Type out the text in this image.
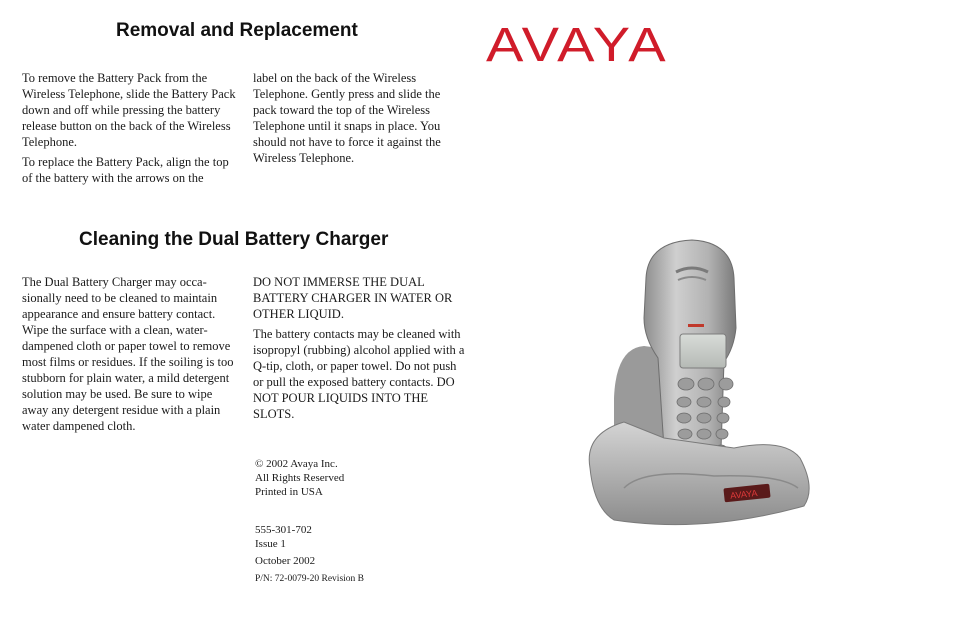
Removal and Replacement

To remove the Battery Pack from the Wireless Telephone, slide the Battery Pack down and off while pressing the battery release button on the back of the Wireless Telephone.

To replace the Battery Pack, align the top of the battery with the arrows on the

label on the back of the Wireless Telephone. Gently press and slide the pack toward the top of the Wireless Telephone until it snaps in place. You should not have to force it against the Wireless Telephone.

AVAYA
Cleaning the Dual Battery Charger

The Dual Battery Charger may occa-sionally need to be cleaned to maintain appearance and ensure battery contact. Wipe the surface with a clean, water-dampened cloth or paper towel to remove most films or residues. If the soiling is too stubborn for plain water, a mild detergent solution may be used. Be sure to wipe away any detergent residue with a plain water dampened cloth.

DO NOT IMMERSE THE DUAL BATTERY CHARGER IN WATER OR OTHER LIQUID.

The battery contacts may be cleaned with isopropyl (rubbing) alcohol applied with a Q-tip, cloth, or paper towel. Do not push or pull the exposed battery contacts. DO NOT POUR LIQUIDS INTO THE SLOTS.

© 2002 Avaya Inc.
All Rights Reserved
Printed in USA
555-301-702
Issue 1
October 2002
P/N: 72-0079-20 Revision B
AVAYA
